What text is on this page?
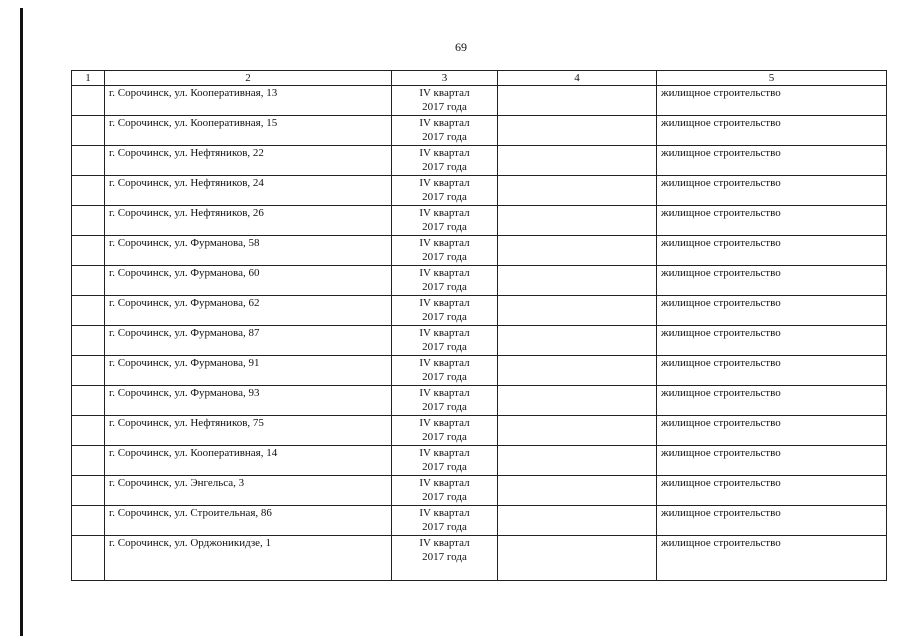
69
1	2	3	4	5
	г. Сорочинск, ул. Кооперативная, 13	IV квартал
2017 года		жилищное строительство
	г. Сорочинск, ул. Кооперативная, 15	IV квартал
2017 года		жилищное строительство
	г. Сорочинск, ул. Нефтяников, 22	IV квартал
2017 года		жилищное строительство
	г. Сорочинск, ул. Нефтяников, 24	IV квартал
2017 года		жилищное строительство
	г. Сорочинск, ул. Нефтяников, 26	IV квартал
2017 года		жилищное строительство
	г. Сорочинск, ул. Фурманова, 58	IV квартал
2017 года		жилищное строительство
	г. Сорочинск, ул. Фурманова, 60	IV квартал
2017 года		жилищное строительство
	г. Сорочинск, ул. Фурманова, 62	IV квартал
2017 года		жилищное строительство
	г. Сорочинск, ул. Фурманова, 87	IV квартал
2017 года		жилищное строительство
	г. Сорочинск, ул. Фурманова, 91	IV квартал
2017 года		жилищное строительство
	г. Сорочинск, ул. Фурманова, 93	IV квартал
2017 года		жилищное строительство
	г. Сорочинск, ул. Нефтяников, 75	IV квартал
2017 года		жилищное строительство
	г. Сорочинск, ул. Кооперативная, 14	IV квартал
2017 года		жилищное строительство
	г. Сорочинск, ул. Энгельса, 3	IV квартал
2017 года		жилищное строительство
	г. Сорочинск, ул. Строительная, 86	IV квартал
2017 года		жилищное строительство
	г. Сорочинск, ул. Орджоникидзе, 1	IV квартал
2017 года		жилищное строительство
